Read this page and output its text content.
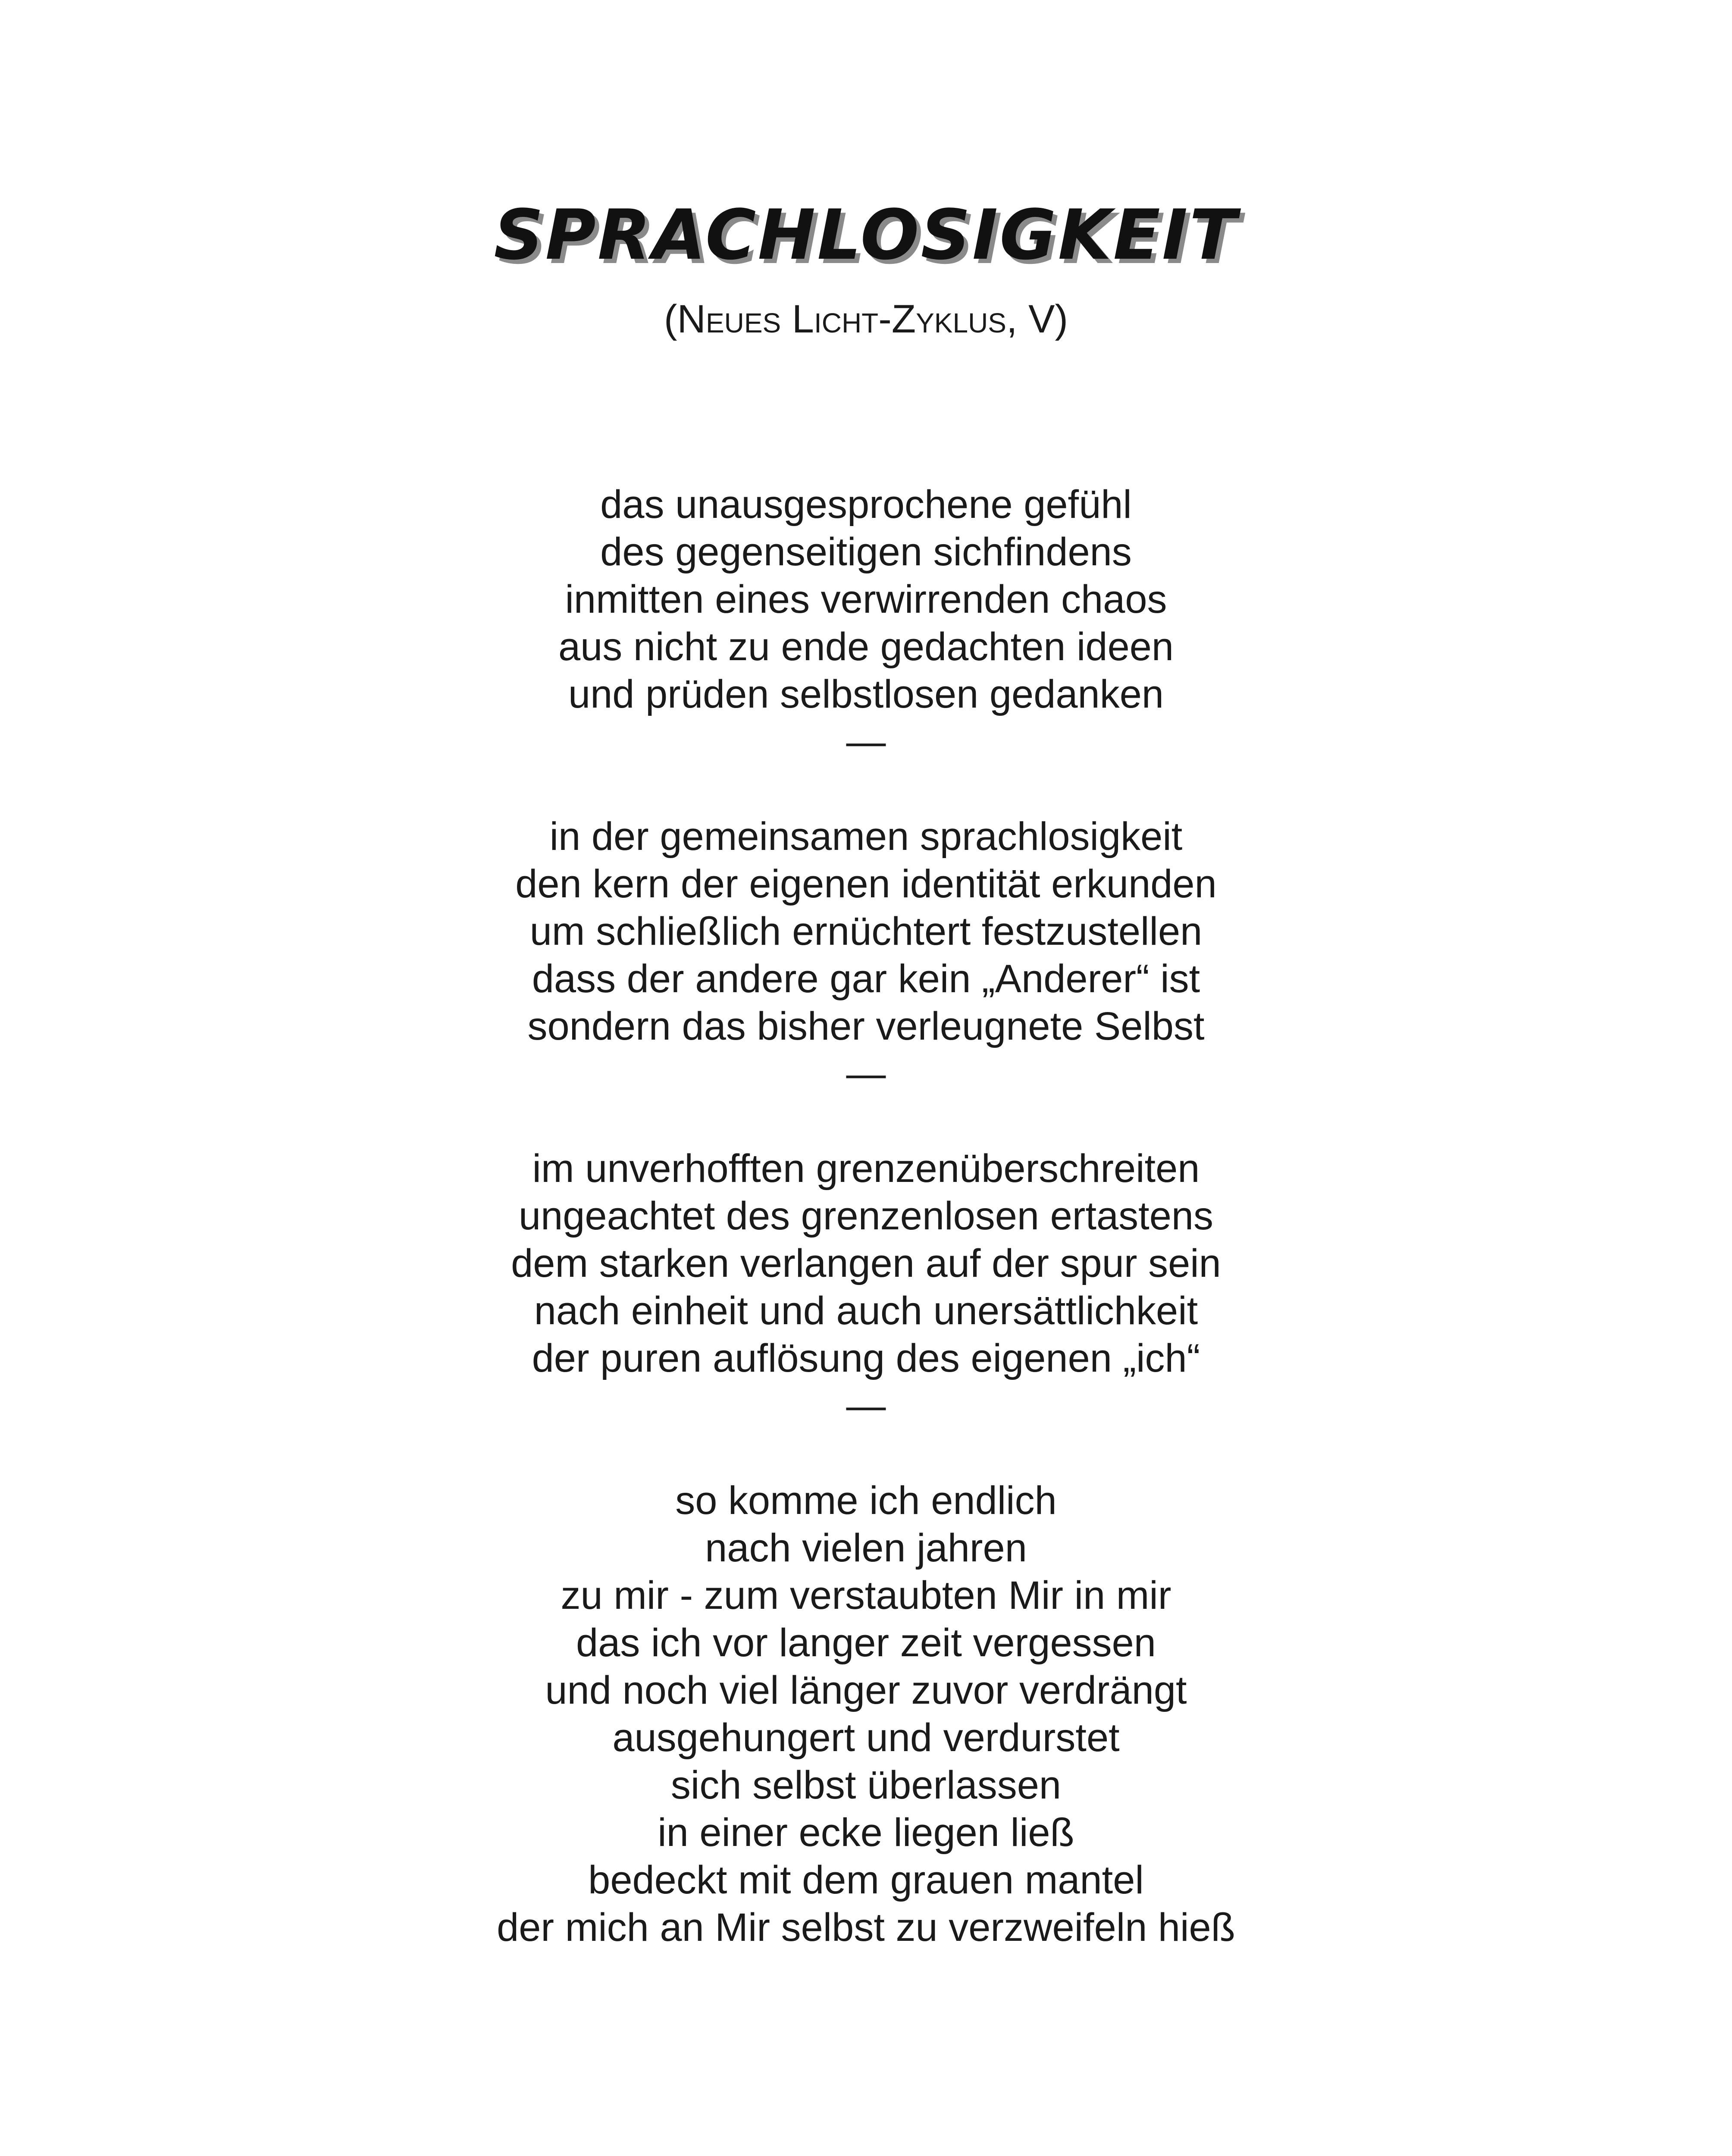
SPRACHLOSIGKEIT

(Neues Licht-Zyklus, V)

das unausgesprochene gefühl
des gegenseitigen sichfindens
inmitten eines verwirrenden chaos
aus nicht zu ende gedachten ideen
und prüden selbstlosen gedanken
—
in der gemeinsamen sprachlosigkeit
den kern der eigenen identität erkunden
um schließlich ernüchtert festzustellen
dass der andere gar kein „Anderer“ ist
sondern das bisher verleugnete Selbst
—
im unverhofften grenzenüberschreiten
ungeachtet des grenzenlosen ertastens
dem starken verlangen auf der spur sein
nach einheit und auch unersättlichkeit
der puren auflösung des eigenen „ich“
—
so komme ich endlich
nach vielen jahren
zu mir - zum verstaubten Mir in mir
das ich vor langer zeit vergessen
und noch viel länger zuvor verdrängt
ausgehungert und verdurstet
sich selbst überlassen
in einer ecke liegen ließ
bedeckt mit dem grauen mantel
der mich an Mir selbst zu verzweifeln hieß
